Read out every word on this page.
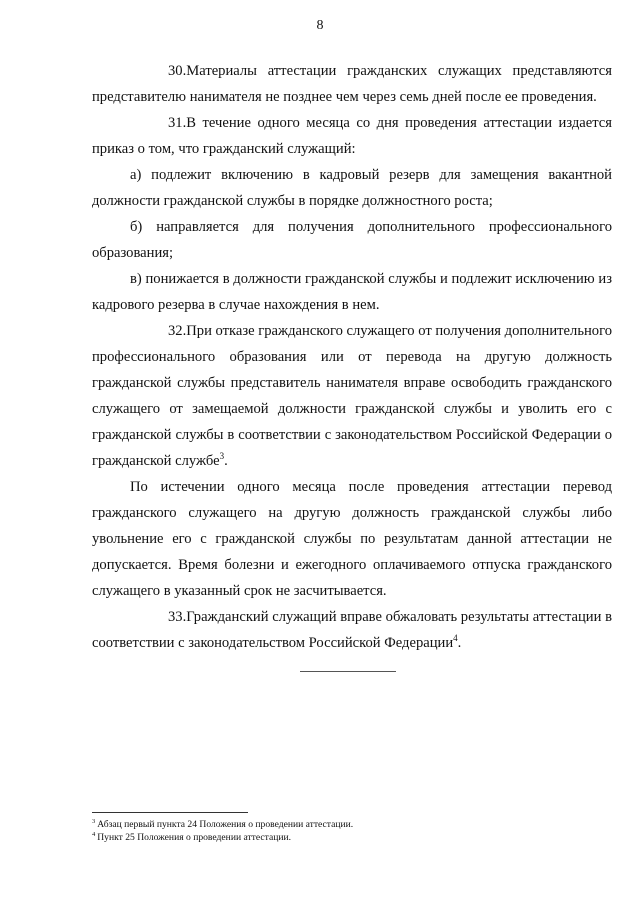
8

30.Материалы аттестации гражданских служащих представляются представителю нанимателя не позднее чем через семь дней после ее проведения.

31.В течение одного месяца со дня проведения аттестации издается приказ о том, что гражданский служащий:

а) подлежит включению в кадровый резерв для замещения вакантной должности гражданской службы в порядке должностного роста;

б) направляется для получения дополнительного профессионального образования;

в) понижается в должности гражданской службы и подлежит исключению из кадрового резерва в случае нахождения в нем.

32.При отказе гражданского служащего от получения дополнительного профессионального образования или от перевода на другую должность гражданской службы представитель нанимателя вправе освободить гражданского служащего от замещаемой должности гражданской службы и уволить его с гражданской службы в соответствии с законодательством Российской Федерации о гражданской службе$^3$.

По истечении одного месяца после проведения аттестации перевод гражданского служащего на другую должность гражданской службы либо увольнение его с гражданской службы по результатам данной аттестации не допускается. Время болезни и ежегодного оплачиваемого отпуска гражданского служащего в указанный срок не засчитывается.

33.Гражданский служащий вправе обжаловать результаты аттестации в соответствии с законодательством Российской Федерации$^4$.

$^3$ Абзац первый пункта 24 Положения о проведении аттестации.
$^4$ Пункт 25 Положения о проведении аттестации.
